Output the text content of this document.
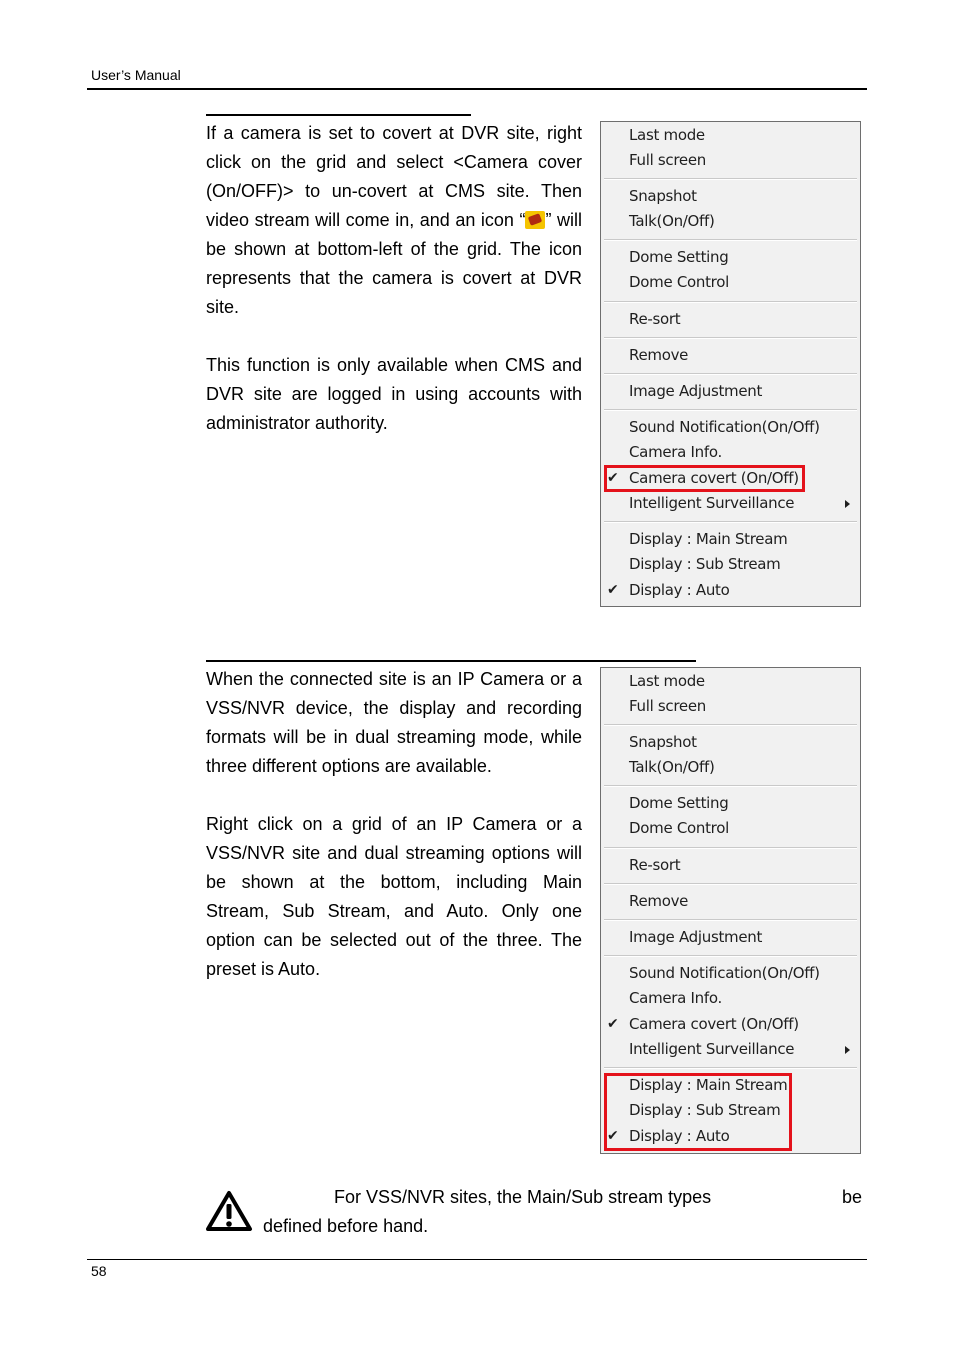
User’s Manual

If a camera is set to covert at DVR site, right click on the grid and select <Camera cover (On/OFF)> to un-covert at CMS site. Then video stream will come in, and an icon “ ” will be shown at bottom-left of the grid. The icon represents that the camera is covert at DVR site.

This function is only available when CMS and DVR site are logged in using accounts with administrator authority.

Last mode
Full screen
Snapshot
Talk(On/Off)
Dome Setting
Dome Control
Re-sort
Remove
Image Adjustment
Sound Notification(On/Off)
Camera Info.
✔ Camera covert (On/Off)
Intelligent Surveillance
Display : Main Stream
Display : Sub Stream
✔ Display : Auto

When the connected site is an IP Camera or a VSS/NVR device, the display and recording formats will be in dual streaming mode, while three different options are available.

Right click on a grid of an IP Camera or a VSS/NVR site and dual streaming options will be shown at the bottom, including Main Stream, Sub Stream, and Auto. Only one option can be selected out of the three. The preset is Auto.

Last mode
Full screen
Snapshot
Talk(On/Off)
Dome Setting
Dome Control
Re-sort
Remove
Image Adjustment
Sound Notification(On/Off)
Camera Info.
✔ Camera covert (On/Off)
Intelligent Surveillance
Display : Main Stream
Display : Sub Stream
✔ Display : Auto
For VSS/NVR sites, the Main/Sub stream types	be
defined before hand.
58
